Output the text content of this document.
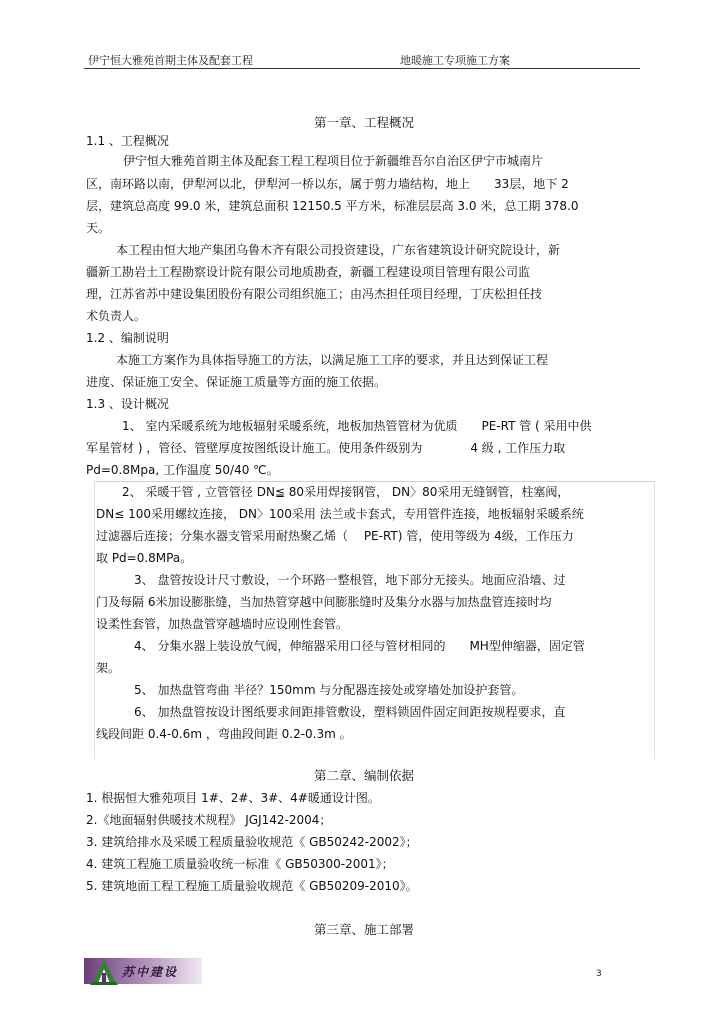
伊宁恒大雅苑首期主体及配套工程	地暖施工专项施工方案
第一章、工程概况
1.1 、工程概况
伊宁恒大雅苑首期主体及配套工程工程项目位于新疆维吾尔自治区伊宁市城南片
区，南环路以南，伊犁河以北，伊犁河一桥以东，属于剪力墙结构，地上　　33层，地下 2
层，建筑总高度 99.0 米，建筑总面积 12150.5 平方米，标准层层高 3.0 米，总工期 378.0
天。
本工程由恒大地产集团乌鲁木齐有限公司投资建设，广东省建筑设计研究院设计，新
疆新工勘岩土工程勘察设计院有限公司地质勘查，新疆工程建设项目管理有限公司监
理，江苏省苏中建设集团股份有限公司组织施工；由冯杰担任项目经理，丁庆松担任技
术负责人。
1.2 、编制说明
本施工方案作为具体指导施工的方法，以满足施工工序的要求，并且达到保证工程
进度、保证施工安全、保证施工质量等方面的施工依据。
1.3 、设计概况
1、 室内采暖系统为地板辐射采暖系统，地板加热管管材为优质　　PE-RT 管 ( 采用中供
军星管材 ) ，管径、管壁厚度按图纸设计施工。使用条件级别为　　　　4 级 , 工作压力取
Pd=0.8Mpa, 工作温度 50/40 ℃。
2、 采暖干管 , 立管管径 DN≦ 80采用焊接钢管， DN〉80采用无缝钢管，柱塞阀，
DN≤ 100采用螺纹连接， DN〉100采用 法兰或卡套式，专用管件连接，地板辐射采暖系统
过滤器后连接；分集水器支管采用耐热聚乙烯（　 PE-RT) 管，使用等级为 4级，工作压力
取 Pd=0.8MPa。
3、 盘管按设计尺寸敷设，一个环路一整根管，地下部分无接头。地面应沿墙、过
门及每隔 6米加设膨胀缝，当加热管穿越中间膨胀缝时及集分水器与加热盘管连接时均
设柔性套管，加热盘管穿越墙时应设刚性套管。
4、 分集水器上装设放气阀，伸缩器采用口径与管材相同的　　MH型伸缩器，固定管
架。
5、 加热盘管弯曲 半径？150mm 与分配器连接处或穿墙处加设护套管。
6、 加热盘管按设计图纸要求间距排管敷设，塑料锁固件固定间距按规程要求，直
线段间距 0.4-0.6m ，弯曲段间距 0.2-0.3m 。
第二章、编制依据
1. 根据恒大雅苑项目 1#、2#、3#、4#暖通设计图。
2.《地面辐射供暖技术规程》 JGJ142-2004；
3. 建筑给排水及采暖工程质量验收规范《 GB50242-2002》；
4. 建筑工程施工质量验收统一标准《 GB50300-2001》；
5. 建筑地面工程工程施工质量验收规范《 GB50209-2010》。
第三章、施工部署
苏中建设	3
